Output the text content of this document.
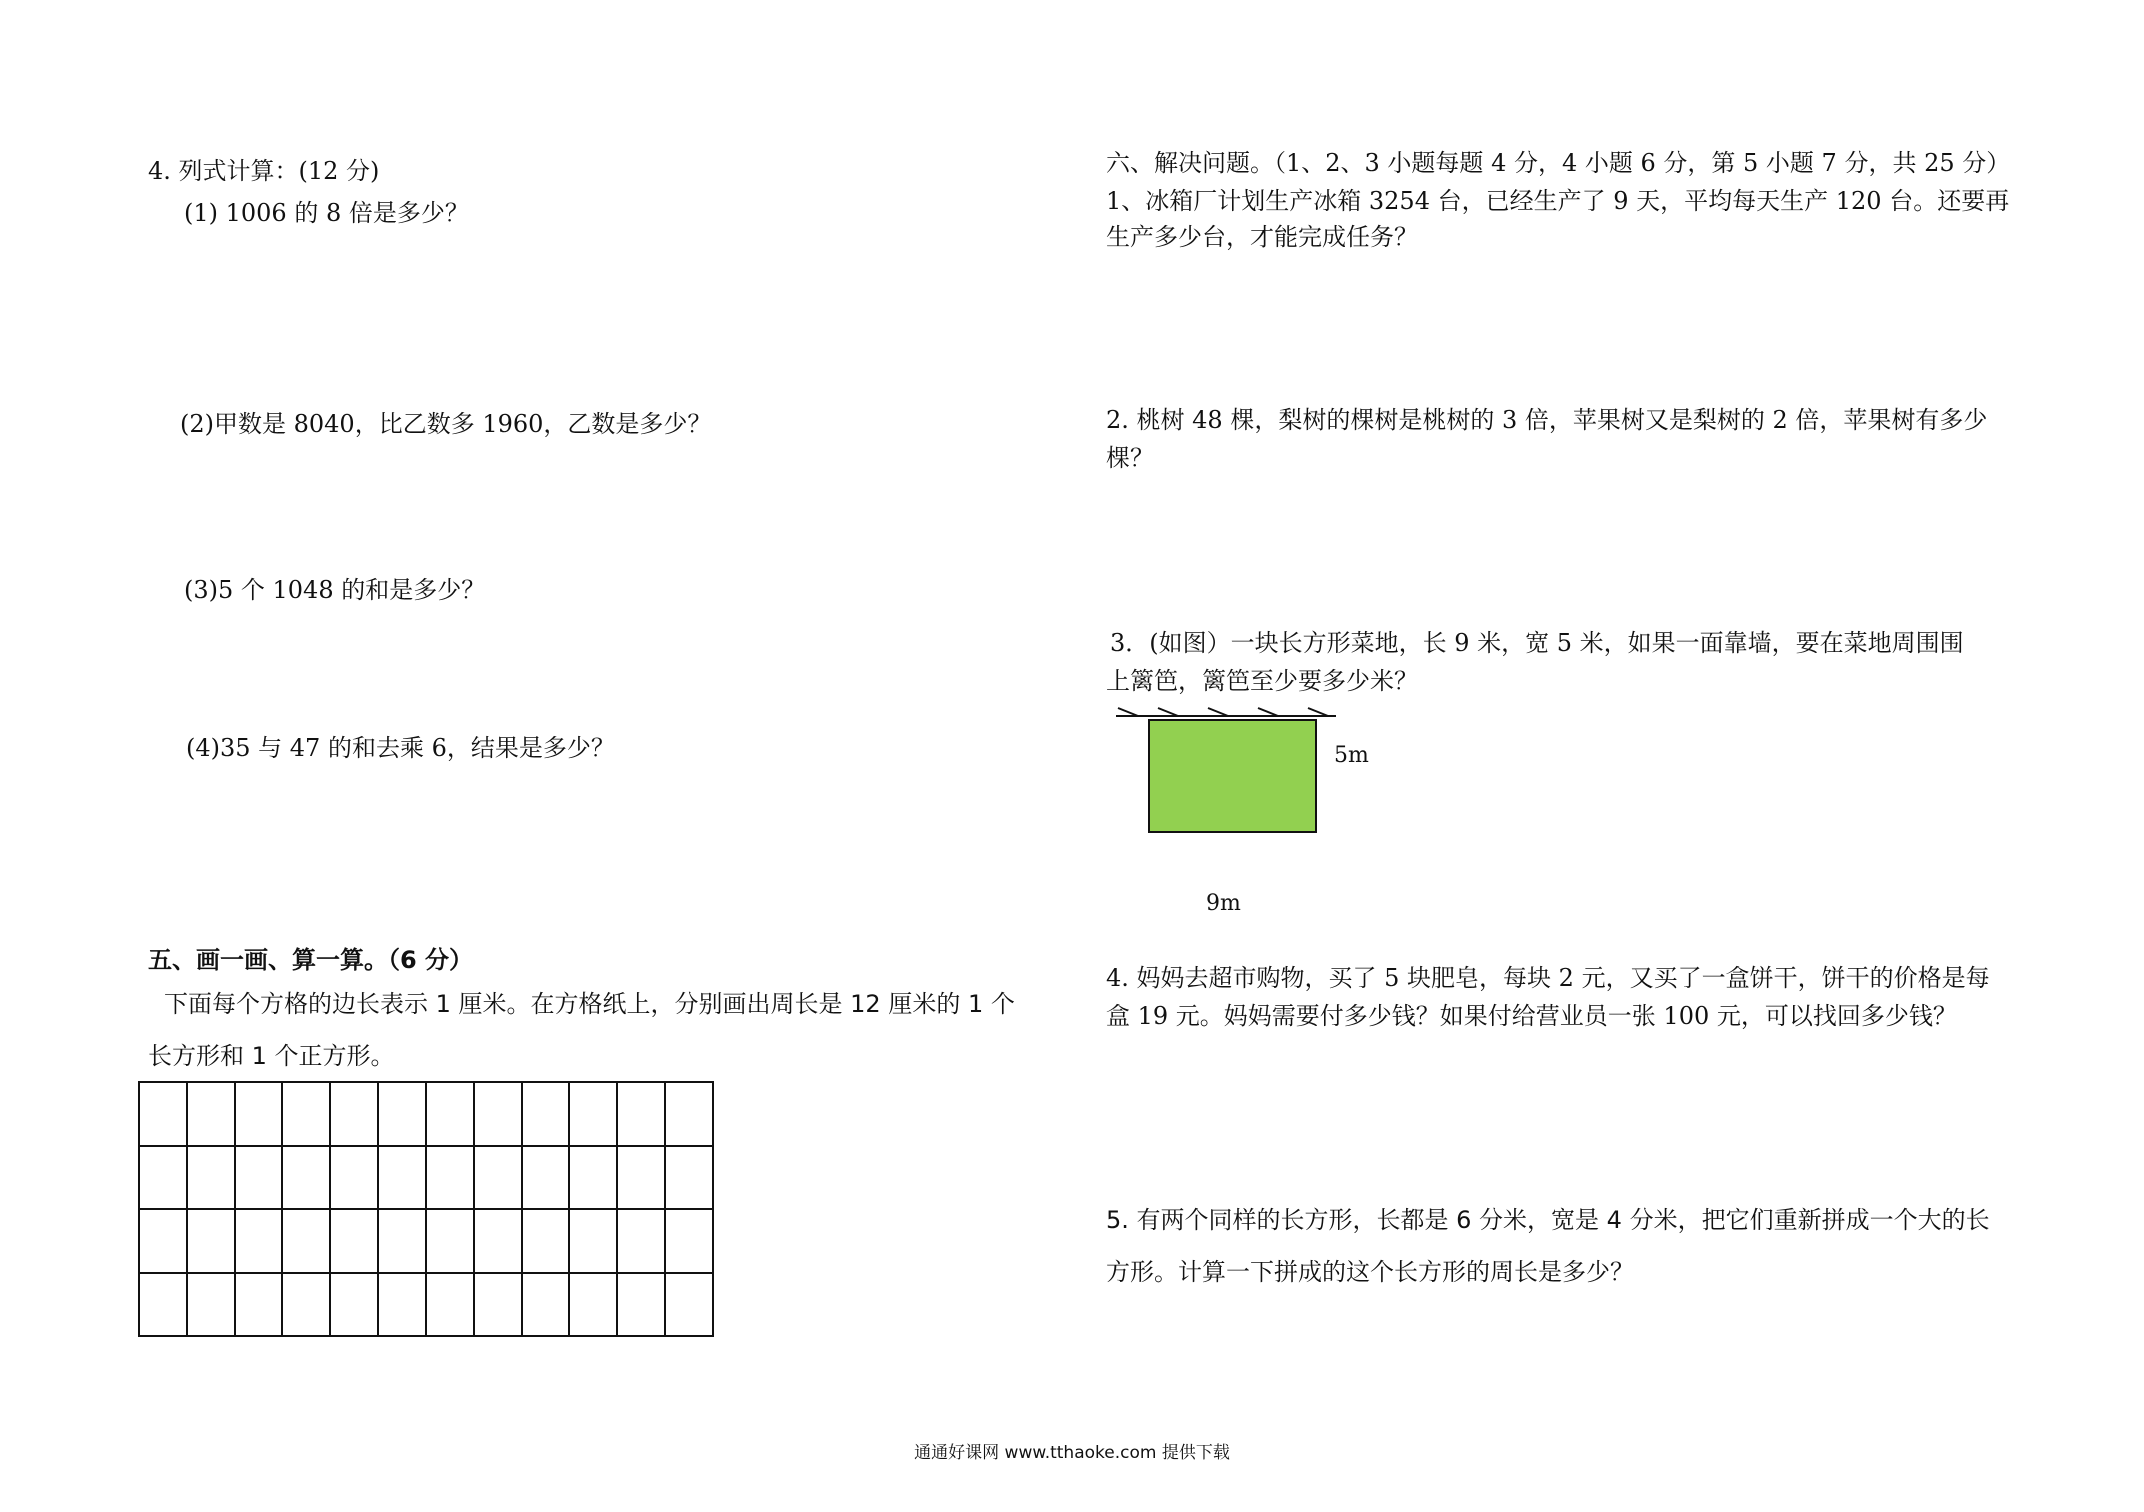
4. 列式计算：(12 分)
(1) 1006 的 8 倍是多少？
(2)甲数是 8040，比乙数多 1960，乙数是多少？
(3)5 个 1048 的和是多少？
(4)35 与 47 的和去乘 6，结果是多少？
五、画一画、算一算。（6 分）
下面每个方格的边长表示 1 厘米。在方格纸上，分别画出周长是 12 厘米的 1 个
长方形和 1 个正方形。
六、解决问题。（1、2、3 小题每题 4 分，4 小题 6 分，第 5 小题 7 分，共 25 分）
1、冰箱厂计划生产冰箱 3254 台，已经生产了 9 天，平均每天生产 120 台。还要再
生产多少台，才能完成任务？
2. 桃树 48 棵，梨树的棵树是桃树的 3 倍，苹果树又是梨树的 2 倍，苹果树有多少
棵？
3．(如图）一块长方形菜地，长 9 米，宽 5 米，如果一面靠墙，要在菜地周围围
上篱笆，篱笆至少要多少米？
5m
9m
4. 妈妈去超市购物，买了 5 块肥皂，每块 2 元，又买了一盒饼干，饼干的价格是每
盒 19 元。妈妈需要付多少钱？如果付给营业员一张 100 元，可以找回多少钱？
5. 有两个同样的长方形，长都是 6 分米，宽是 4 分米，把它们重新拼成一个大的长
方形。计算一下拼成的这个长方形的周长是多少？
通通好课网 www.tthaoke.com 提供下载
